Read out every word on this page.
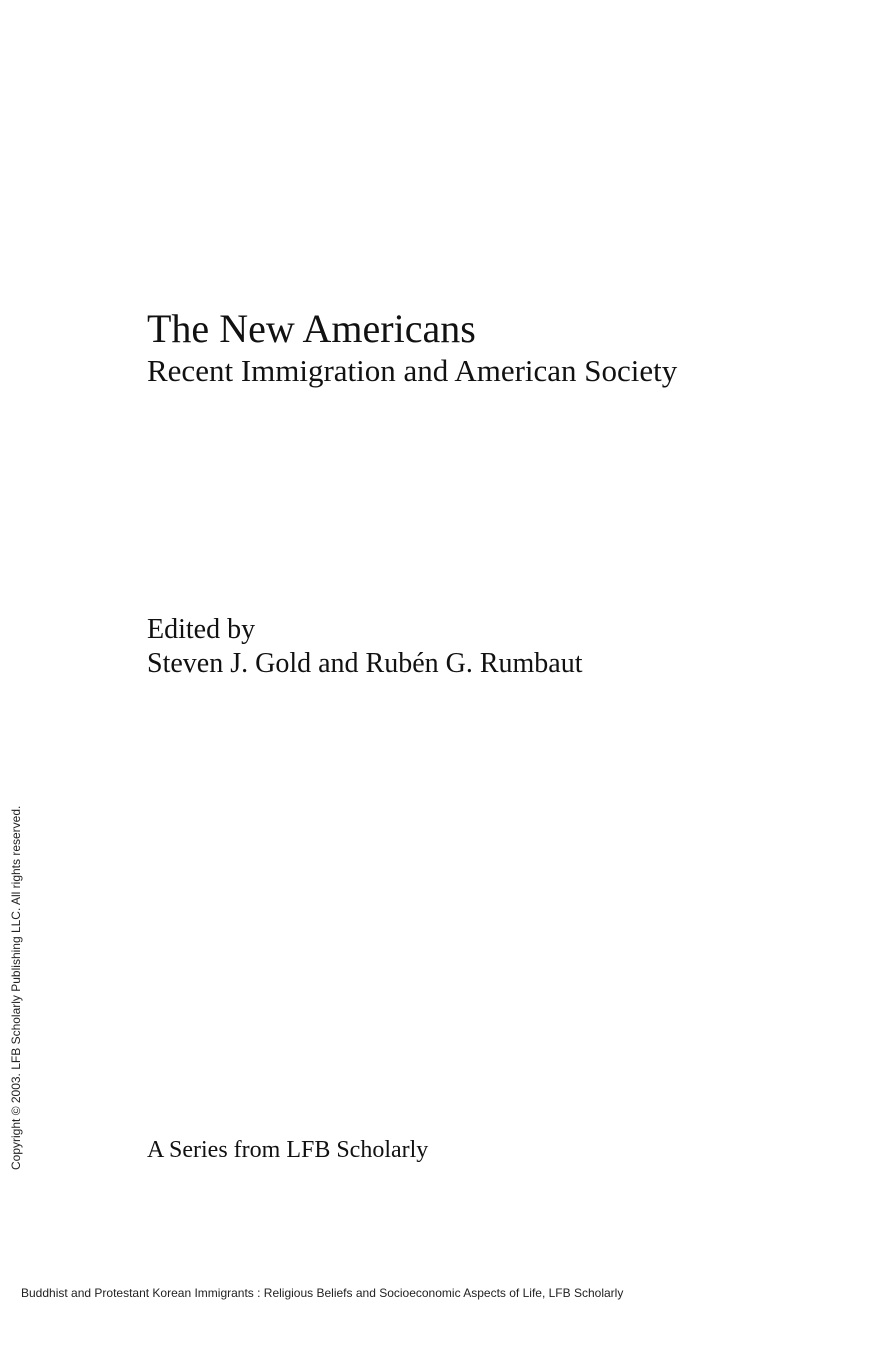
The New Americans
Recent Immigration and American Society
Edited by
Steven J. Gold and Rubén G. Rumbaut
A Series from LFB Scholarly
Copyright © 2003. LFB Scholarly Publishing LLC. All rights reserved.
Buddhist and Protestant Korean Immigrants : Religious Beliefs and Socioeconomic Aspects of Life, LFB Scholarly
